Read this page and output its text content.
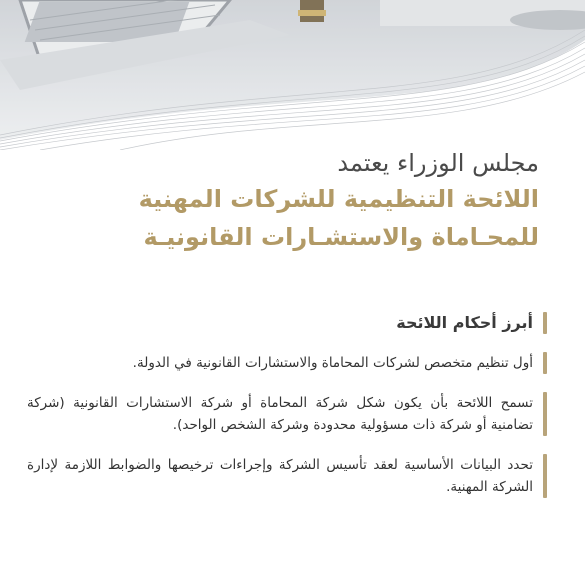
مجلس الوزراء يعتمد
اللائحة التنظيمية للشركات المهنية
للمحـاماة والاستشـارات القانونيـة
أبرز أحكام اللائحة
أول تنظيم متخصص لشركات المحاماة والاستشارات القانونية في الدولة.
تسمح اللائحة بأن يكون شكل شركة المحاماة أو شركة الاستشارات القانونية (شركة تضامنية أو شركة ذات مسؤولية محدودة وشركة الشخص الواحد).
تحدد البيانات الأساسية لعقد تأسيس الشركة وإجراءات ترخيصها والضوابط اللازمة لإدارة الشركة المهنية.
